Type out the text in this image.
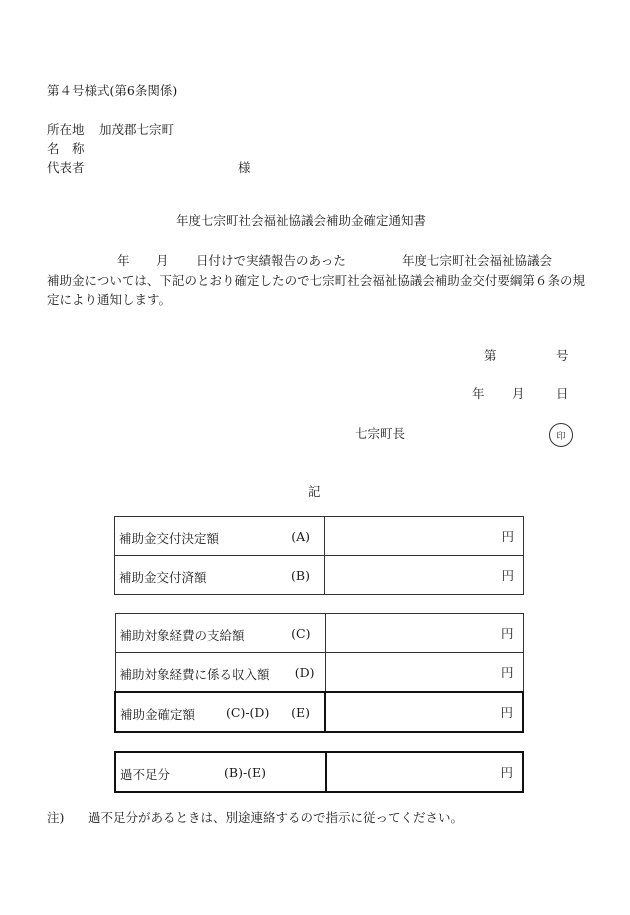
第４号様式(第6条関係)
所在地 加茂郡七宗町
名　称
代表者	様
年度七宗町社会福祉協議会補助金確定通知書
年 月 日付けで実績報告のあった	年度七宗町社会福祉協議会
補助金については、下記のとおり確定したので七宗町社会福祉協議会補助金交付要綱第６条の規定により通知します。
第	号
年 月	日
七宗町長	印
記
補助金交付決定額 (A)	円

補助金交付済額 (B)	円
補助対象経費の支給額 (C)	円

補助対象経費に係る収入額 (D)	円

補助金確定額 (C)-(D) (E)	円
過不足分	(B)-(E)	円
注) 過不足分があるときは、別途連絡するので指示に従ってください。
